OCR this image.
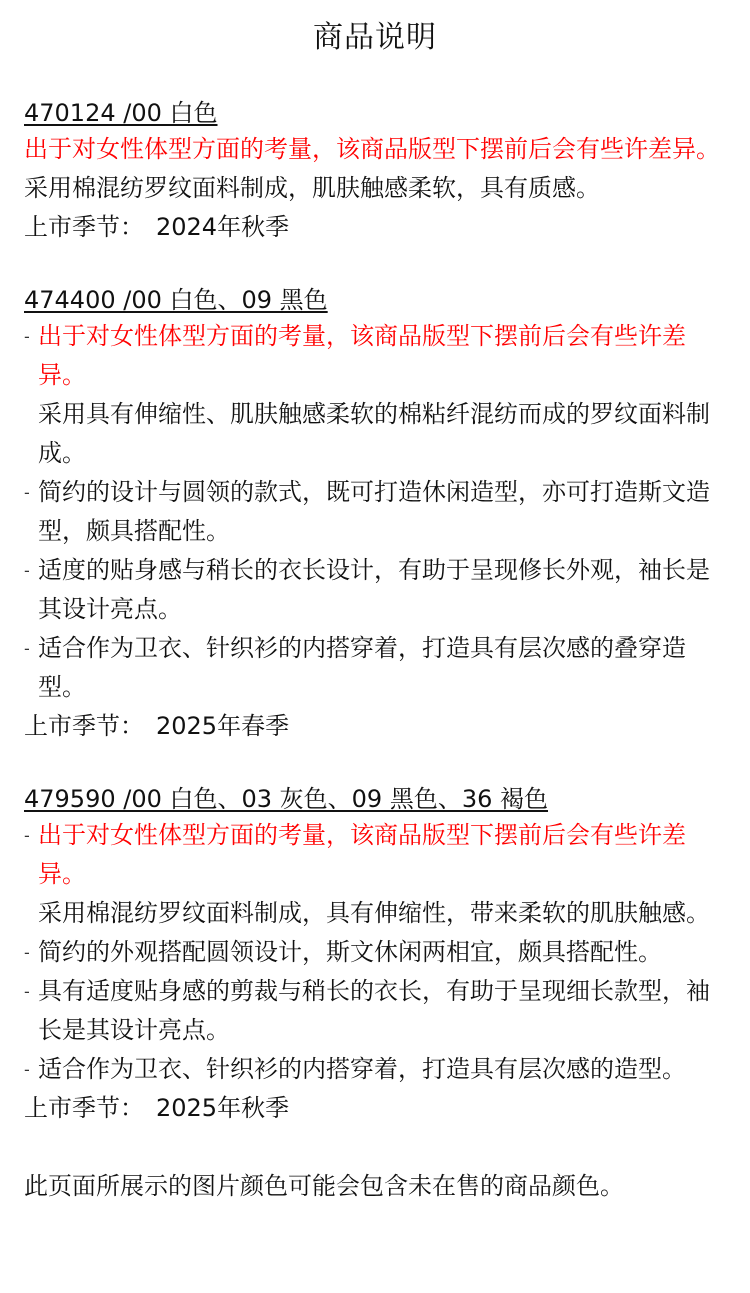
商品说明
470124 /00 白色

出于对女性体型方面的考量，该商品版型下摆前后会有些许差异。

采用棉混纺罗纹面料制成，肌肤触感柔软，具有质感。

上市季节： 2024年秋季

474400 /00 白色、09 黑色
- 出于对女性体型方面的考量，该商品版型下摆前后会有些许差异。
采用具有伸缩性、肌肤触感柔软的棉粘纤混纺而成的罗纹面料制成。
- 简约的设计与圆领的款式，既可打造休闲造型，亦可打造斯文造型，颇具搭配性。
- 适度的贴身感与稍长的衣长设计，有助于呈现修长外观，袖长是其设计亮点。
- 适合作为卫衣、针织衫的内搭穿着，打造具有层次感的叠穿造型。

上市季节： 2025年春季

479590 /00 白色、03 灰色、09 黑色、36 褐色
- 出于对女性体型方面的考量，该商品版型下摆前后会有些许差异。
采用棉混纺罗纹面料制成，具有伸缩性，带来柔软的肌肤触感。
- 简约的外观搭配圆领设计，斯文休闲两相宜，颇具搭配性。
- 具有适度贴身感的剪裁与稍长的衣长，有助于呈现细长款型，袖长是其设计亮点。
- 适合作为卫衣、针织衫的内搭穿着，打造具有层次感的造型。

上市季节： 2025年秋季

此页面所展示的图片颜色可能会包含未在售的商品颜色。
